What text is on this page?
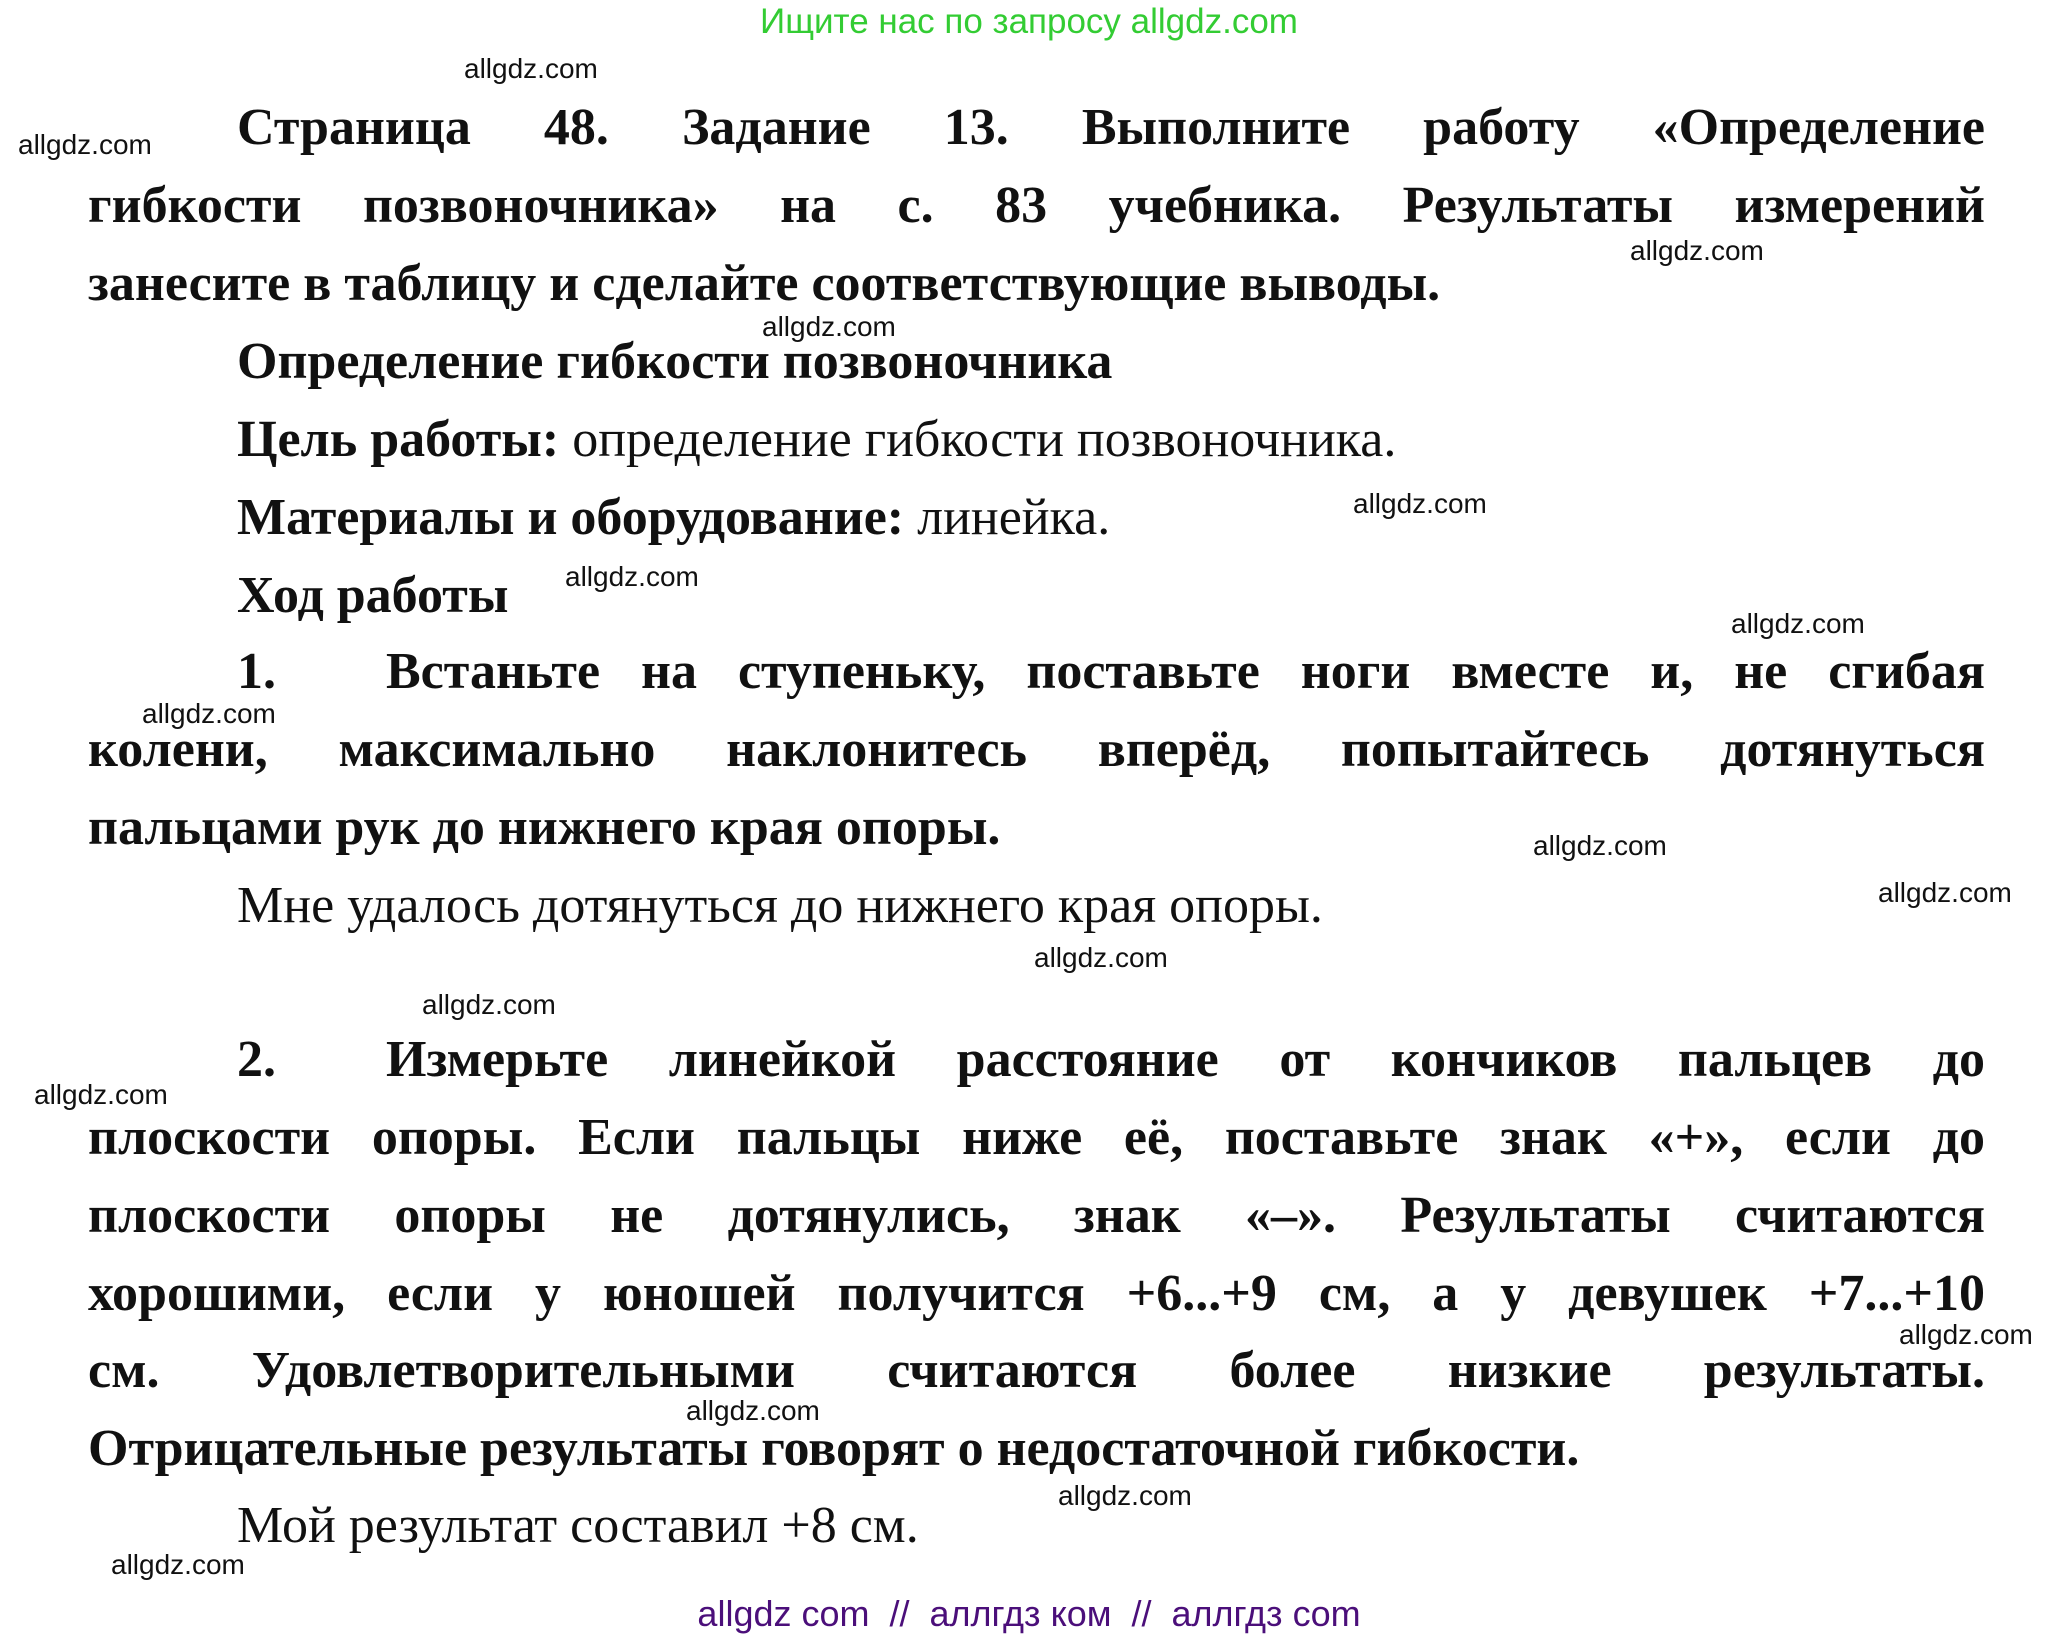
Ищите нас по запросу allgdz.com
Страница 48. Задание 13. Выполните работу «Определение
гибкости позвоночника» на с. 83 учебника. Результаты измерений
занесите в таблицу и сделайте соответствующие выводы.
Определение гибкости позвоночника
Цель работы: определение гибкости позвоночника.
Материалы и оборудование: линейка.
Ход работы
1. Встаньте на ступеньку, поставьте ноги вместе и, не сгибая
колени, максимально наклонитесь вперёд, попытайтесь дотянуться
пальцами рук до нижнего края опоры.
Мне удалось дотянуться до нижнего края опоры.
2. Измерьте линейкой расстояние от кончиков пальцев до
плоскости опоры. Если пальцы ниже её, поставьте знак «+», если до
плоскости опоры не дотянулись, знак «–». Результаты считаются
хорошими, если у юношей получится +6...+9 см, а у девушек +7...+10
см. Удовлетворительными считаются более низкие результаты.
Отрицательные результаты говорят о недостаточной гибкости.
Мой результат составил +8 см.
allgdz.com
allgdz.com
allgdz.com
allgdz.com
allgdz.com
allgdz.com
allgdz.com
allgdz.com
allgdz.com
allgdz.com
allgdz.com
allgdz.com
allgdz.com
allgdz.com
allgdz.com
allgdz.com
allgdz.com
allgdz com  //  аллгдз ком  //  аллгдз com
